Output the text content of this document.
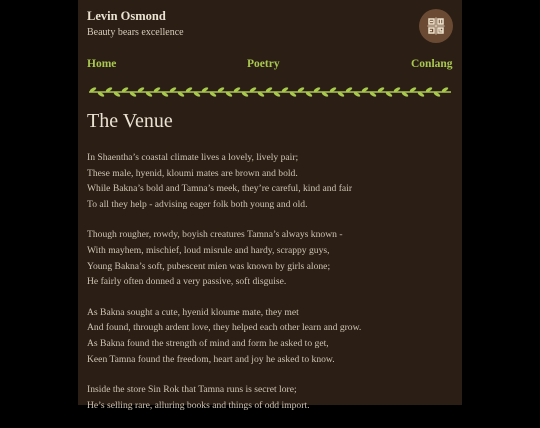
Levin Osmond
Beauty bears excellence
Home	Poetry	Conlang
The Venue
In Shaentha’s coastal climate lives a lovely, lively pair;
These male, hyenid, kloumi mates are brown and bold.
While Bakna’s bold and Tamna’s meek, they’re careful, kind and fair
To all they help - advising eager folk both young and old.
Though rougher, rowdy, boyish creatures Tamna’s always known -
With mayhem, mischief, loud misrule and hardy, scrappy guys,
Young Bakna’s soft, pubescent mien was known by girls alone;
He fairly often donned a very passive, soft disguise.
As Bakna sought a cute, hyenid kloume mate, they met
And found, through ardent love, they helped each other learn and grow.
As Bakna found the strength of mind and form he asked to get,
Keen Tamna found the freedom, heart and joy he asked to know.
Inside the store Sin Rok that Tamna runs is secret lore;
He’s selling rare, alluring books and things of odd import.
